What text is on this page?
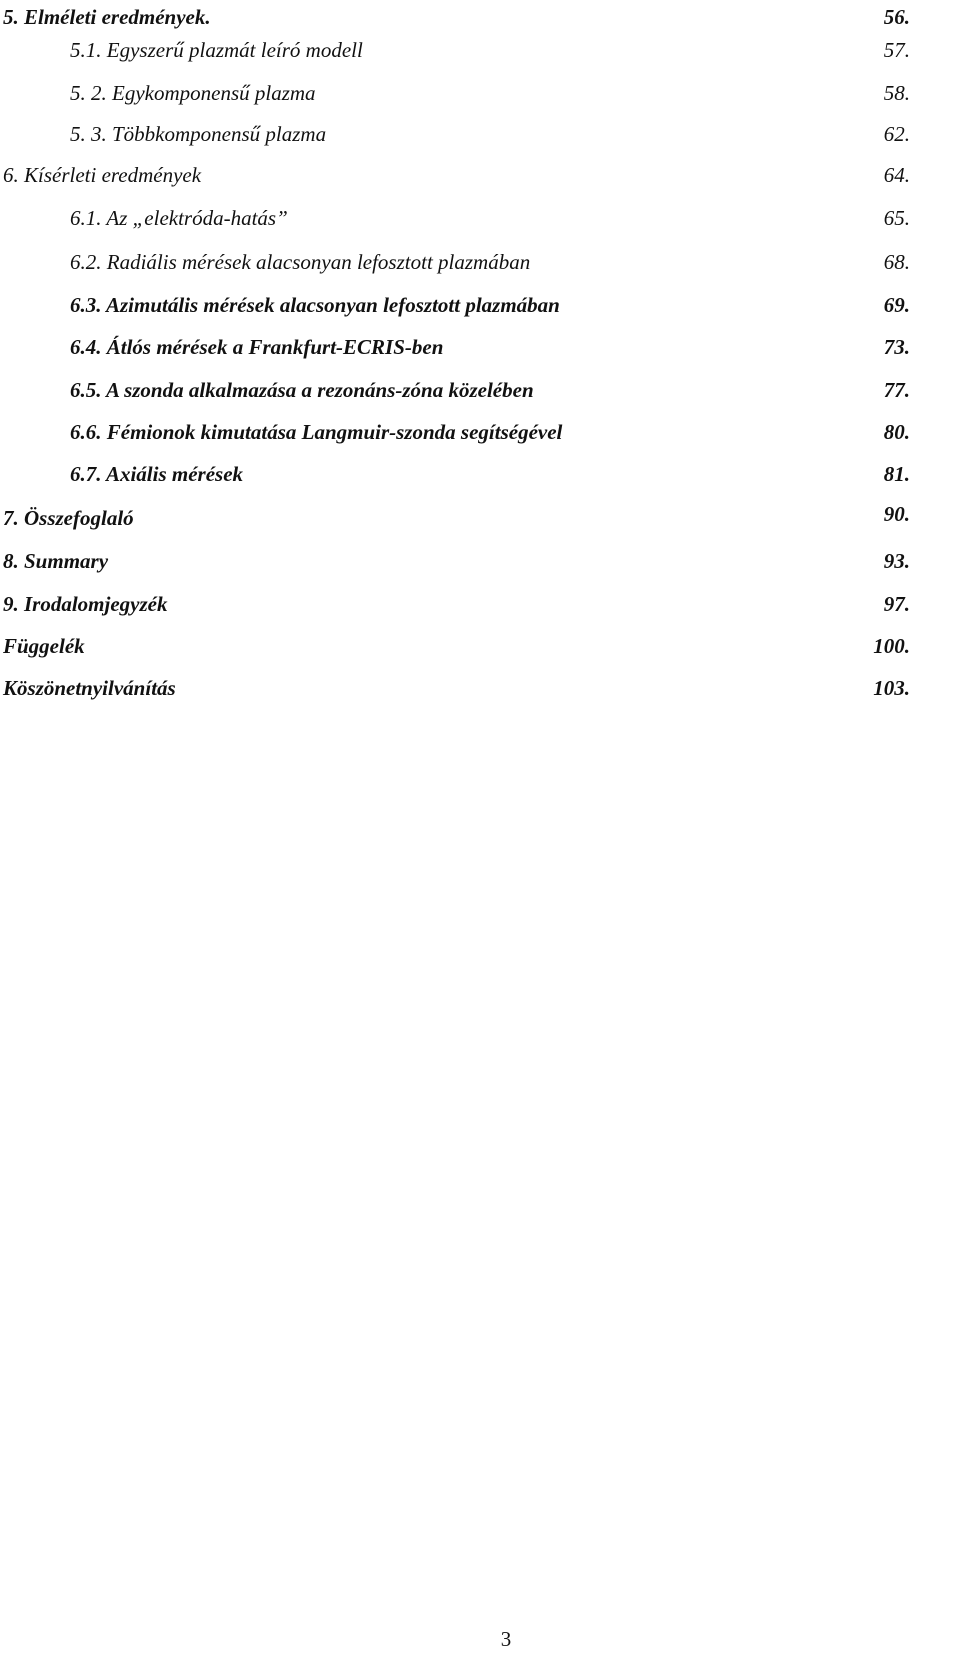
5. Elméleti eredmények.	56.
5.1. Egyszerű plazmát leíró modell	57.
5. 2. Egykomponensű plazma	58.
5. 3. Többkomponensű plazma	62.
6. Kísérleti eredmények	64.
6.1. Az „elektróda-hatás”	65.
6.2. Radiális mérések alacsonyan lefosztott plazmában	68.
6.3. Azimutális mérések alacsonyan lefosztott plazmában	69.
6.4. Átlós mérések a Frankfurt-ECRIS-ben	73.
6.5. A szonda alkalmazása a rezonáns-zóna közelében	77.
6.6. Fémionok kimutatása Langmuir-szonda segítségével	80.
6.7. Axiális mérések	81.
7. Összefoglaló	90.
8. Summary	93.
9. Irodalomjegyzék	97.
Függelék	100.
Köszönetnyilvánítás	103.
3
